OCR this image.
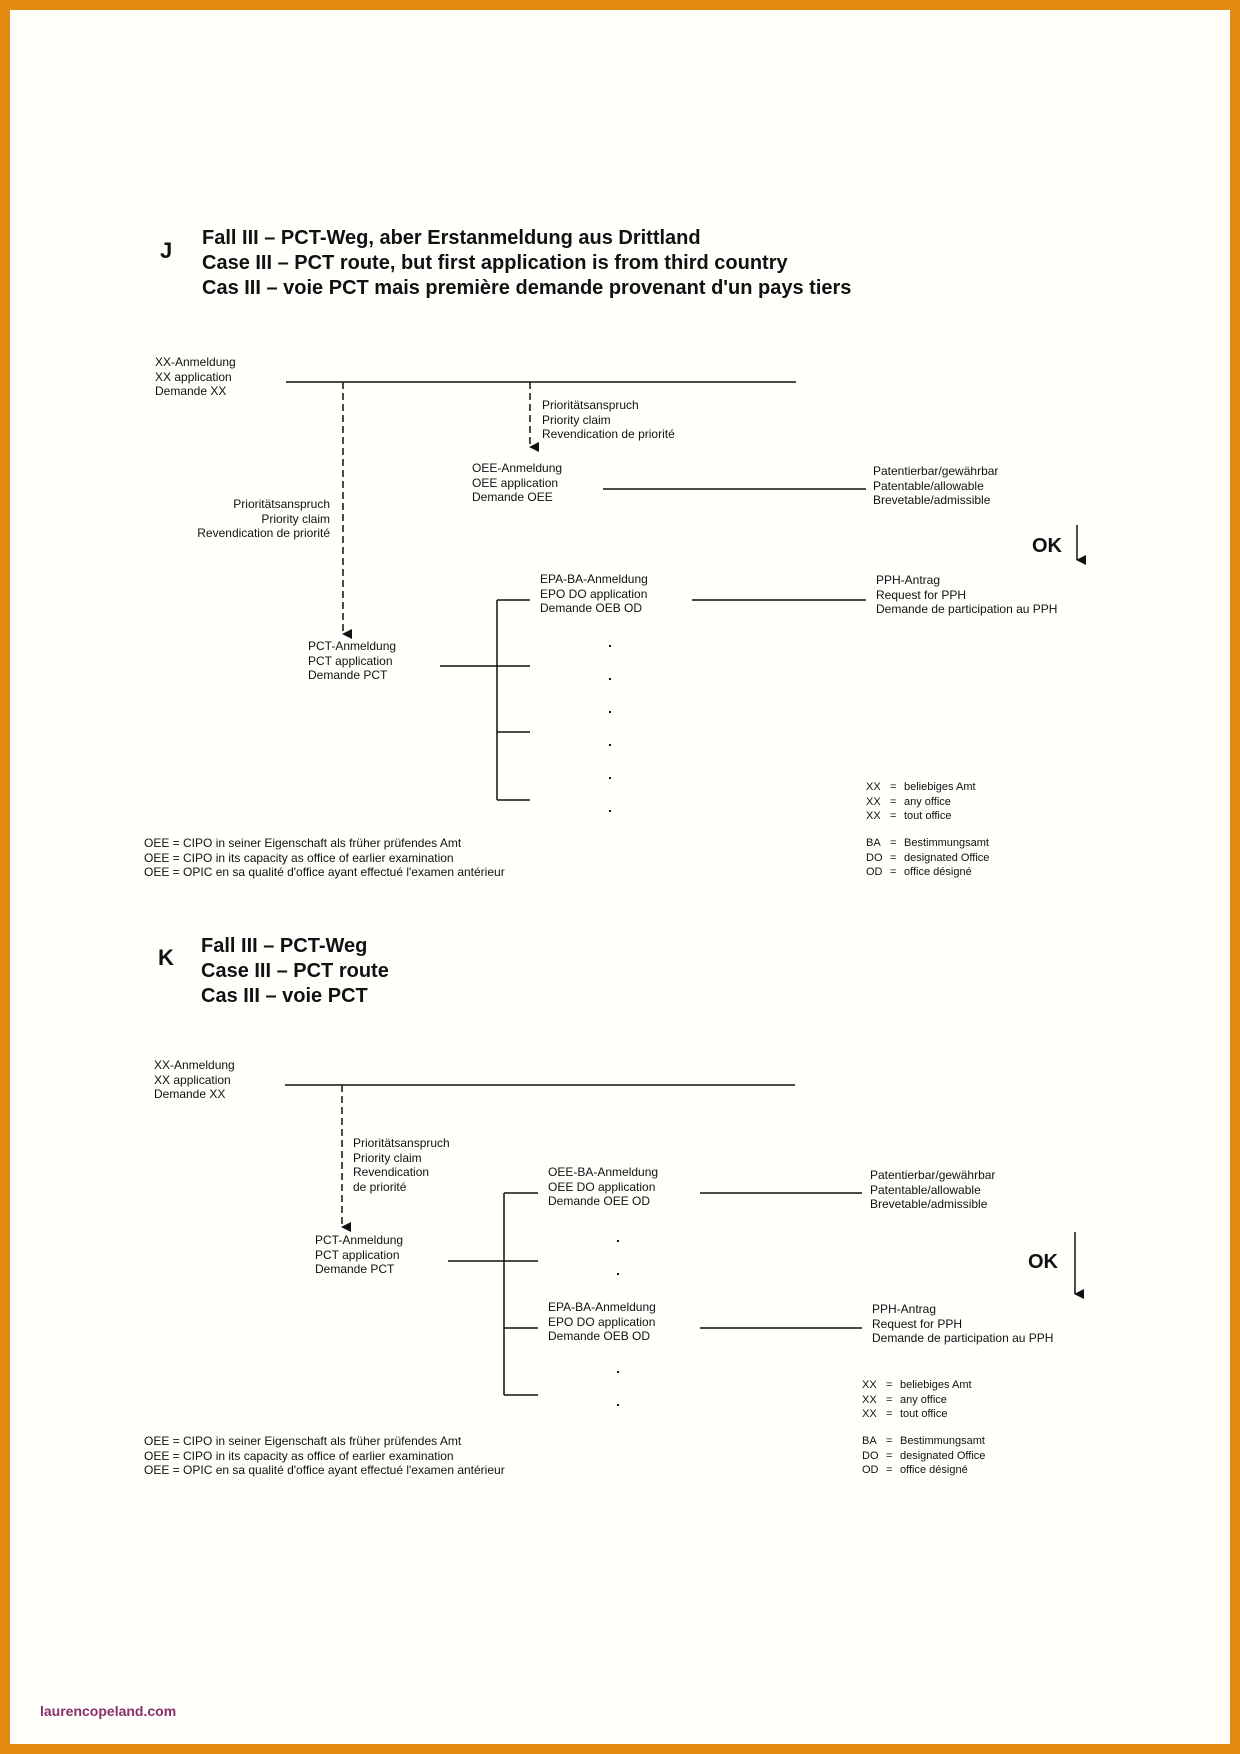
J Fall III – PCT-Weg, aber Erstanmeldung aus Drittland
Case III – PCT route, but first application is from third country
Cas III – voie PCT mais première demande provenant d'un pays tiers
XX-Anmeldung
XX application
Demande XX
Prioritätsanspruch
Priority claim
Revendication de priorité
OEE-Anmeldung
OEE application
Demande OEE
Patentierbar/gewährbar
Patentable/allowable
Brevetable/admissible
Prioritätsanspruch
Priority claim
Revendication de priorité
OK
EPA-BA-Anmeldung
EPO DO application
Demande OEB OD
PPH-Antrag
Request for PPH
Demande de participation au PPH
PCT-Anmeldung
PCT application
Demande PCT
XX = beliebiges Amt
XX = any office
XX = tout office
OEE = CIPO in seiner Eigenschaft als früher prüfendes Amt
OEE = CIPO in its capacity as office of earlier examination
OEE = OPIC en sa qualité d'office ayant effectué l'examen antérieur
BA = Bestimmungsamt
DO = designated Office
OD = office désigné
K Fall III – PCT-Weg
Case III – PCT route
Cas III – voie PCT
XX-Anmeldung
XX application
Demande XX
Prioritätsanspruch
Priority claim
Revendication
de priorité
OEE-BA-Anmeldung
OEE DO application
Demande OEE OD
Patentierbar/gewährbar
Patentable/allowable
Brevetable/admissible
OK
PCT-Anmeldung
PCT application
Demande PCT
EPA-BA-Anmeldung
EPO DO application
Demande OEB OD
PPH-Antrag
Request for PPH
Demande de participation au PPH
XX = beliebiges Amt
XX = any office
XX = tout office
OEE = CIPO in seiner Eigenschaft als früher prüfendes Amt
OEE = CIPO in its capacity as office of earlier examination
OEE = OPIC en sa qualité d'office ayant effectué l'examen antérieur
BA = Bestimmungsamt
DO = designated Office
OD = office désigné
laurencopeland.com
